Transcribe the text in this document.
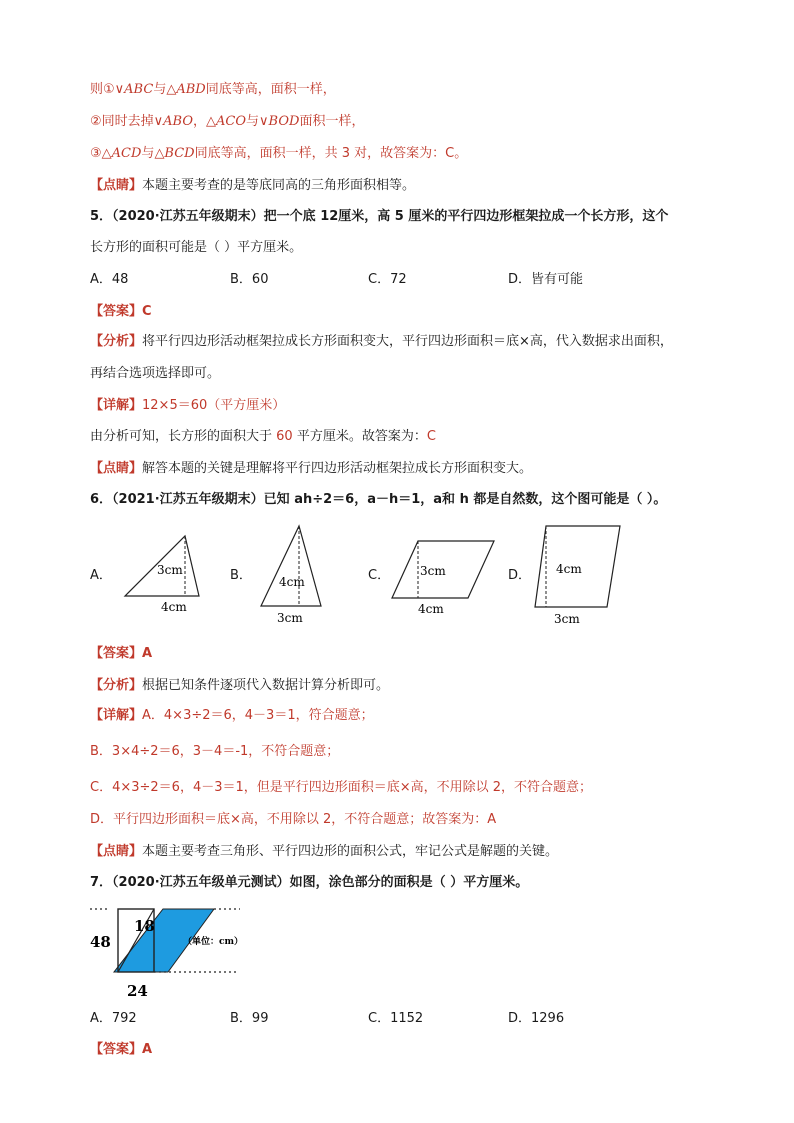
则①∨ABC与△ABD同底等高，面积一样，
②同时去掉∨ABO，△ACO与∨BOD面积一样，
③△ACD与△BCD同底等高，面积一样，共 3 对，故答案为：C。
【点睛】本题主要考查的是等底同高的三角形面积相等。
5．（2020·江苏五年级期末）把一个底 12厘米，高 5 厘米的平行四边形框架拉成一个长方形，这个
长方形的面积可能是（ ）平方厘米。
A．48	B．60	C．72	D．皆有可能
【答案】C
【分析】将平行四边形活动框架拉成长方形面积变大，平行四边形面积＝底×高，代入数据求出面积，
再结合选项选择即可。
【详解】12×5＝60（平方厘米）
由分析可知，长方形的面积大于 60 平方厘米。故答案为：C
【点睛】解答本题的关键是理解将平行四边形活动框架拉成长方形面积变大。
6．（2021·江苏五年级期末）已知 ah÷2＝6，a－h＝1，a和 h 都是自然数，这个图可能是（ ）。
A．	3cm
4cm
B． 4cm
3cm
C． 3cm
4cm
D． 4cm
3cm
【答案】A
【分析】根据已知条件逐项代入数据计算分析即可。
【详解】A．4×3÷2＝6，4－3＝1，符合题意；
B．3×4÷2＝6，3－4＝-1，不符合题意；
C．4×3÷2＝6，4－3＝1，但是平行四边形面积＝底×高，不用除以 2，不符合题意；
D．平行四边形面积＝底×高，不用除以 2，不符合题意；故答案为：A
【点睛】本题主要考查三角形、平行四边形的面积公式，牢记公式是解题的关键。
7．（2020·江苏五年级单元测试）如图，涂色部分的面积是（ ）平方厘米。
18
48
24
（单位：cm）
A．792	B．99	C．1152	D．1296
【答案】A
